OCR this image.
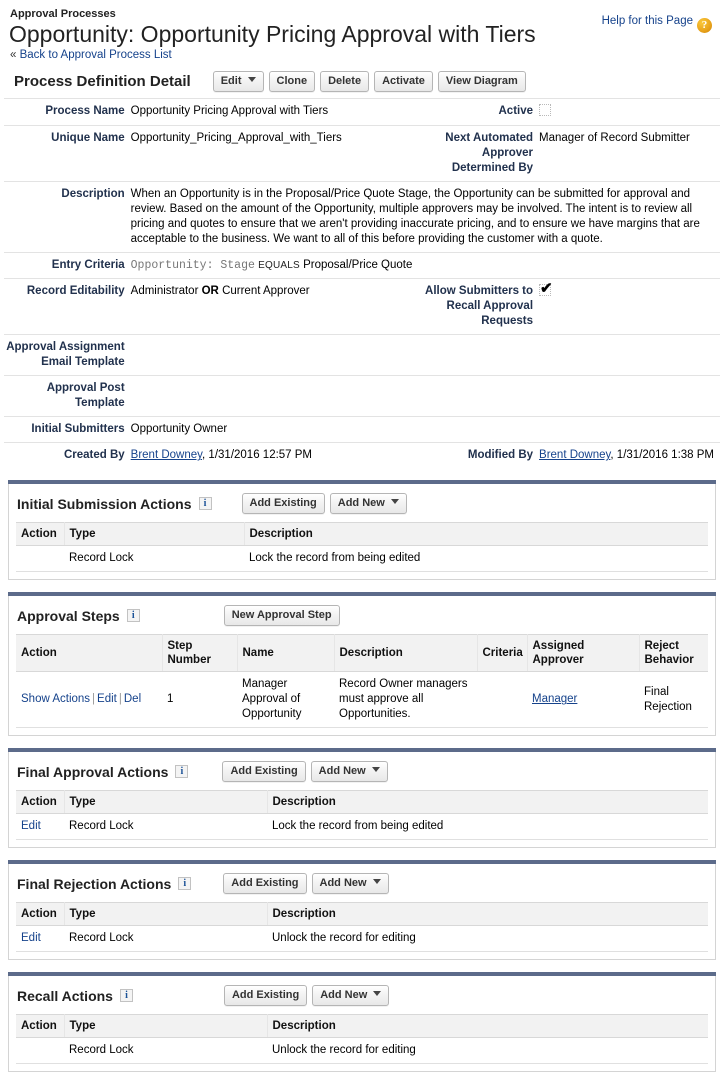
Approval Processes
Opportunity: Opportunity Pricing Approval with Tiers
« Back to Approval Process List
Help for this Page ?
Process Definition Detail	Edit	Clone Delete Activate View Diagram
Process Name	Opportunity Pricing Approval with Tiers	Active	
Unique Name	Opportunity_Pricing_Approval_with_Tiers	Next Automated Approver Determined By	Manager of Record Submitter
Description	When an Opportunity is in the Proposal/Price Quote Stage, the Opportunity can be submitted for approval and review. Based on the amount of the Opportunity, multiple approvers may be involved. The intent is to review all pricing and quotes to ensure that we aren't providing inaccurate pricing, and to ensure we have margins that are acceptable to the business. We want to all of this before providing the customer with a quote.		
Entry Criteria	Opportunity: Stage EQUALS Proposal/Price Quote		
Record Editability	Administrator OR Current Approver	Allow Submitters to Recall Approval Requests	✔
Approval Assignment Email Template			
Approval Post Template			
Initial Submitters	Opportunity Owner		
Created By	Brent Downey, 1/31/2016 12:57 PM	Modified By	Brent Downey, 1/31/2016 1:38 PM
Initial Submission Actions	i	Add Existing Add New
Action	Type	Description
	Record Lock	Lock the record from being edited
Approval Steps	i	New Approval Step
Action	Step Number	Name	Description	Criteria	Assigned Approver	Reject Behavior
Show Actions | Edit | Del	1	Manager Approval of Opportunity	Record Owner managers must approve all Opportunities.		Manager	Final Rejection
Final Approval Actions	i	Add Existing Add New
Action	Type	Description
Edit	Record Lock	Lock the record from being edited
Final Rejection Actions	i	Add Existing Add New
Action	Type	Description
Edit	Record Lock	Unlock the record for editing
Recall Actions	i	Add Existing Add New
Action	Type	Description
	Record Lock	Unlock the record for editing
